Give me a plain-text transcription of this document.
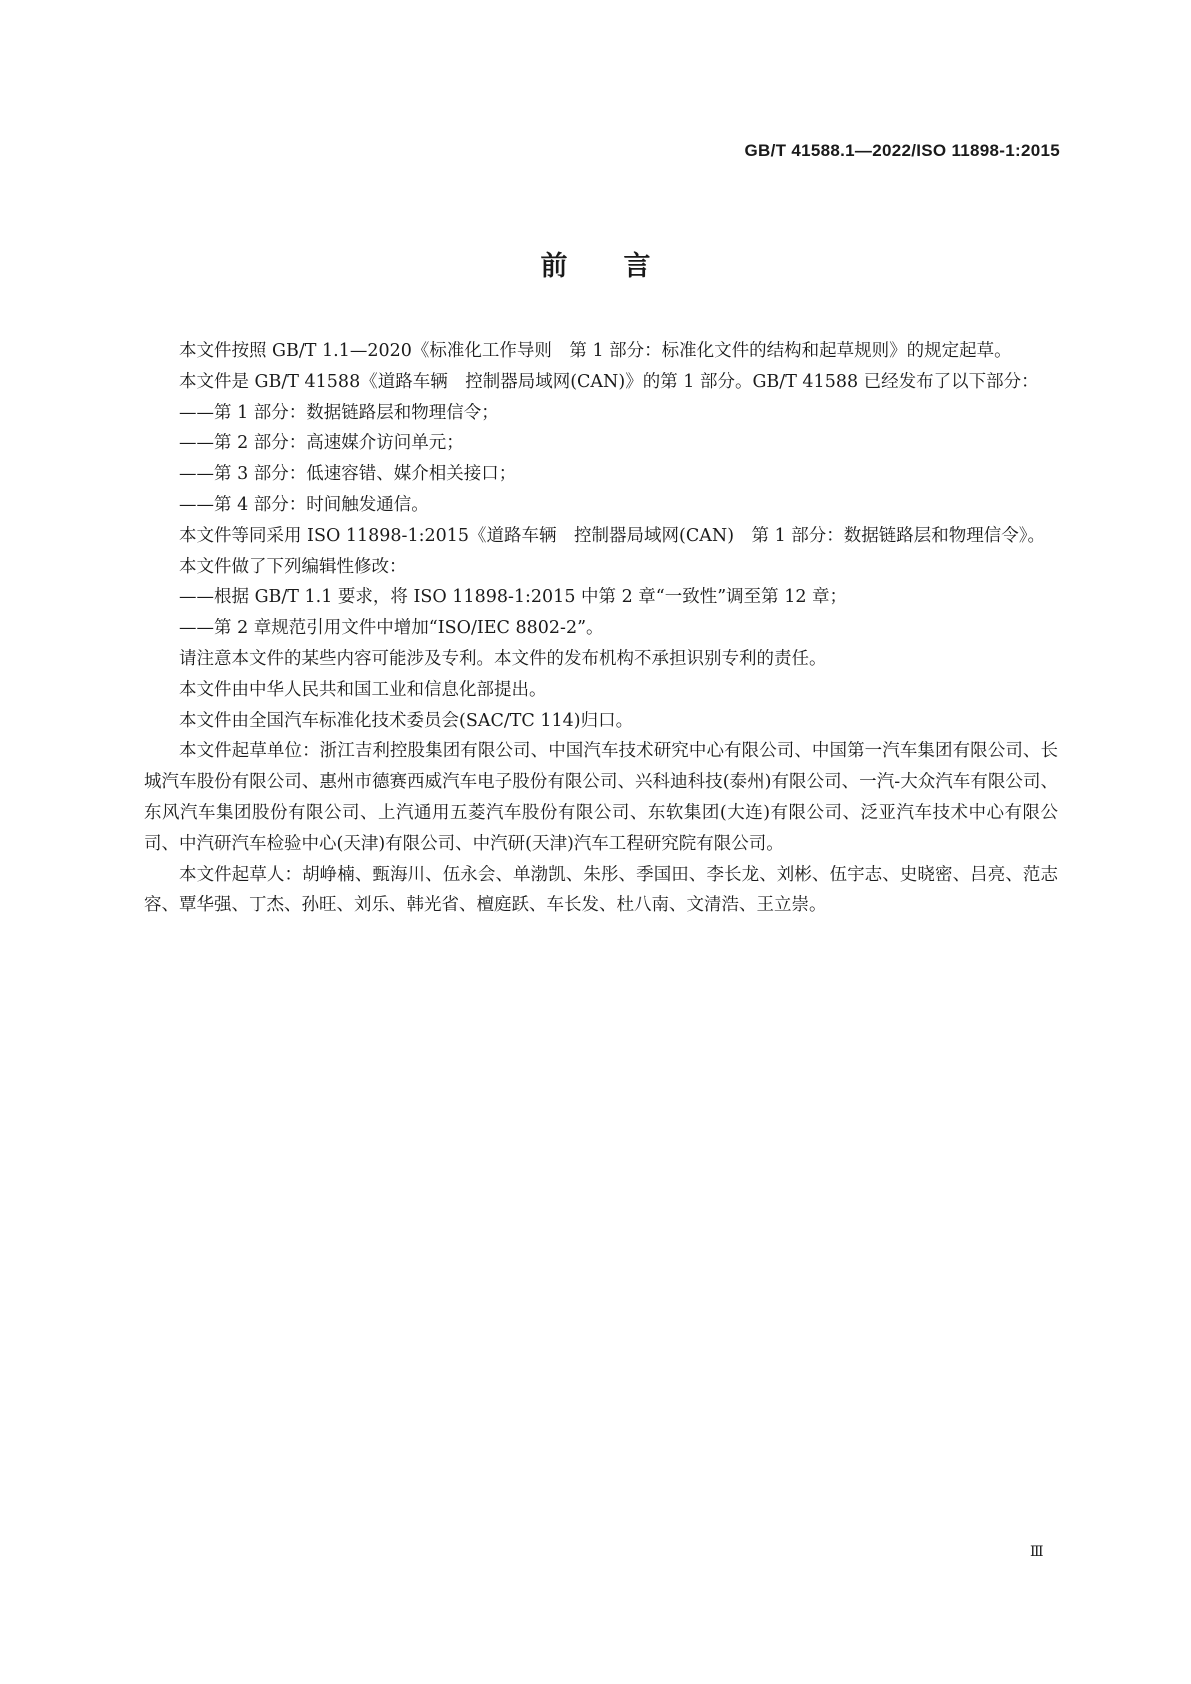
GB/T 41588.1—2022/ISO 11898-1:2015
前言

本文件按照 GB/T 1.1—2020《标准化工作导则　第 1 部分：标准化文件的结构和起草规则》的规定起草。

本文件是 GB/T 41588《道路车辆　控制器局域网(CAN)》的第 1 部分。GB/T 41588 已经发布了以下部分：

——第 1 部分：数据链路层和物理信令；

——第 2 部分：高速媒介访问单元；

——第 3 部分：低速容错、媒介相关接口；

——第 4 部分：时间触发通信。

本文件等同采用 ISO 11898-1:2015《道路车辆　控制器局域网(CAN)　第 1 部分：数据链路层和物理信令》。

本文件做了下列编辑性修改：

——根据 GB/T 1.1 要求，将 ISO 11898-1:2015 中第 2 章“一致性”调至第 12 章；

——第 2 章规范引用文件中增加“ISO/IEC 8802-2”。

请注意本文件的某些内容可能涉及专利。本文件的发布机构不承担识别专利的责任。

本文件由中华人民共和国工业和信息化部提出。

本文件由全国汽车标准化技术委员会(SAC/TC 114)归口。

本文件起草单位：浙江吉利控股集团有限公司、中国汽车技术研究中心有限公司、中国第一汽车集团有限公司、长城汽车股份有限公司、惠州市德赛西威汽车电子股份有限公司、兴科迪科技(泰州)有限公司、一汽-大众汽车有限公司、东风汽车集团股份有限公司、上汽通用五菱汽车股份有限公司、东软集团(大连)有限公司、泛亚汽车技术中心有限公司、中汽研汽车检验中心(天津)有限公司、中汽研(天津)汽车工程研究院有限公司。

本文件起草人：胡峥楠、甄海川、伍永会、单渤凯、朱彤、季国田、李长龙、刘彬、伍宇志、史晓密、吕亮、范志容、覃华强、丁杰、孙旺、刘乐、韩光省、檀庭跃、车长发、杜八南、文清浩、王立崇。

Ⅲ
